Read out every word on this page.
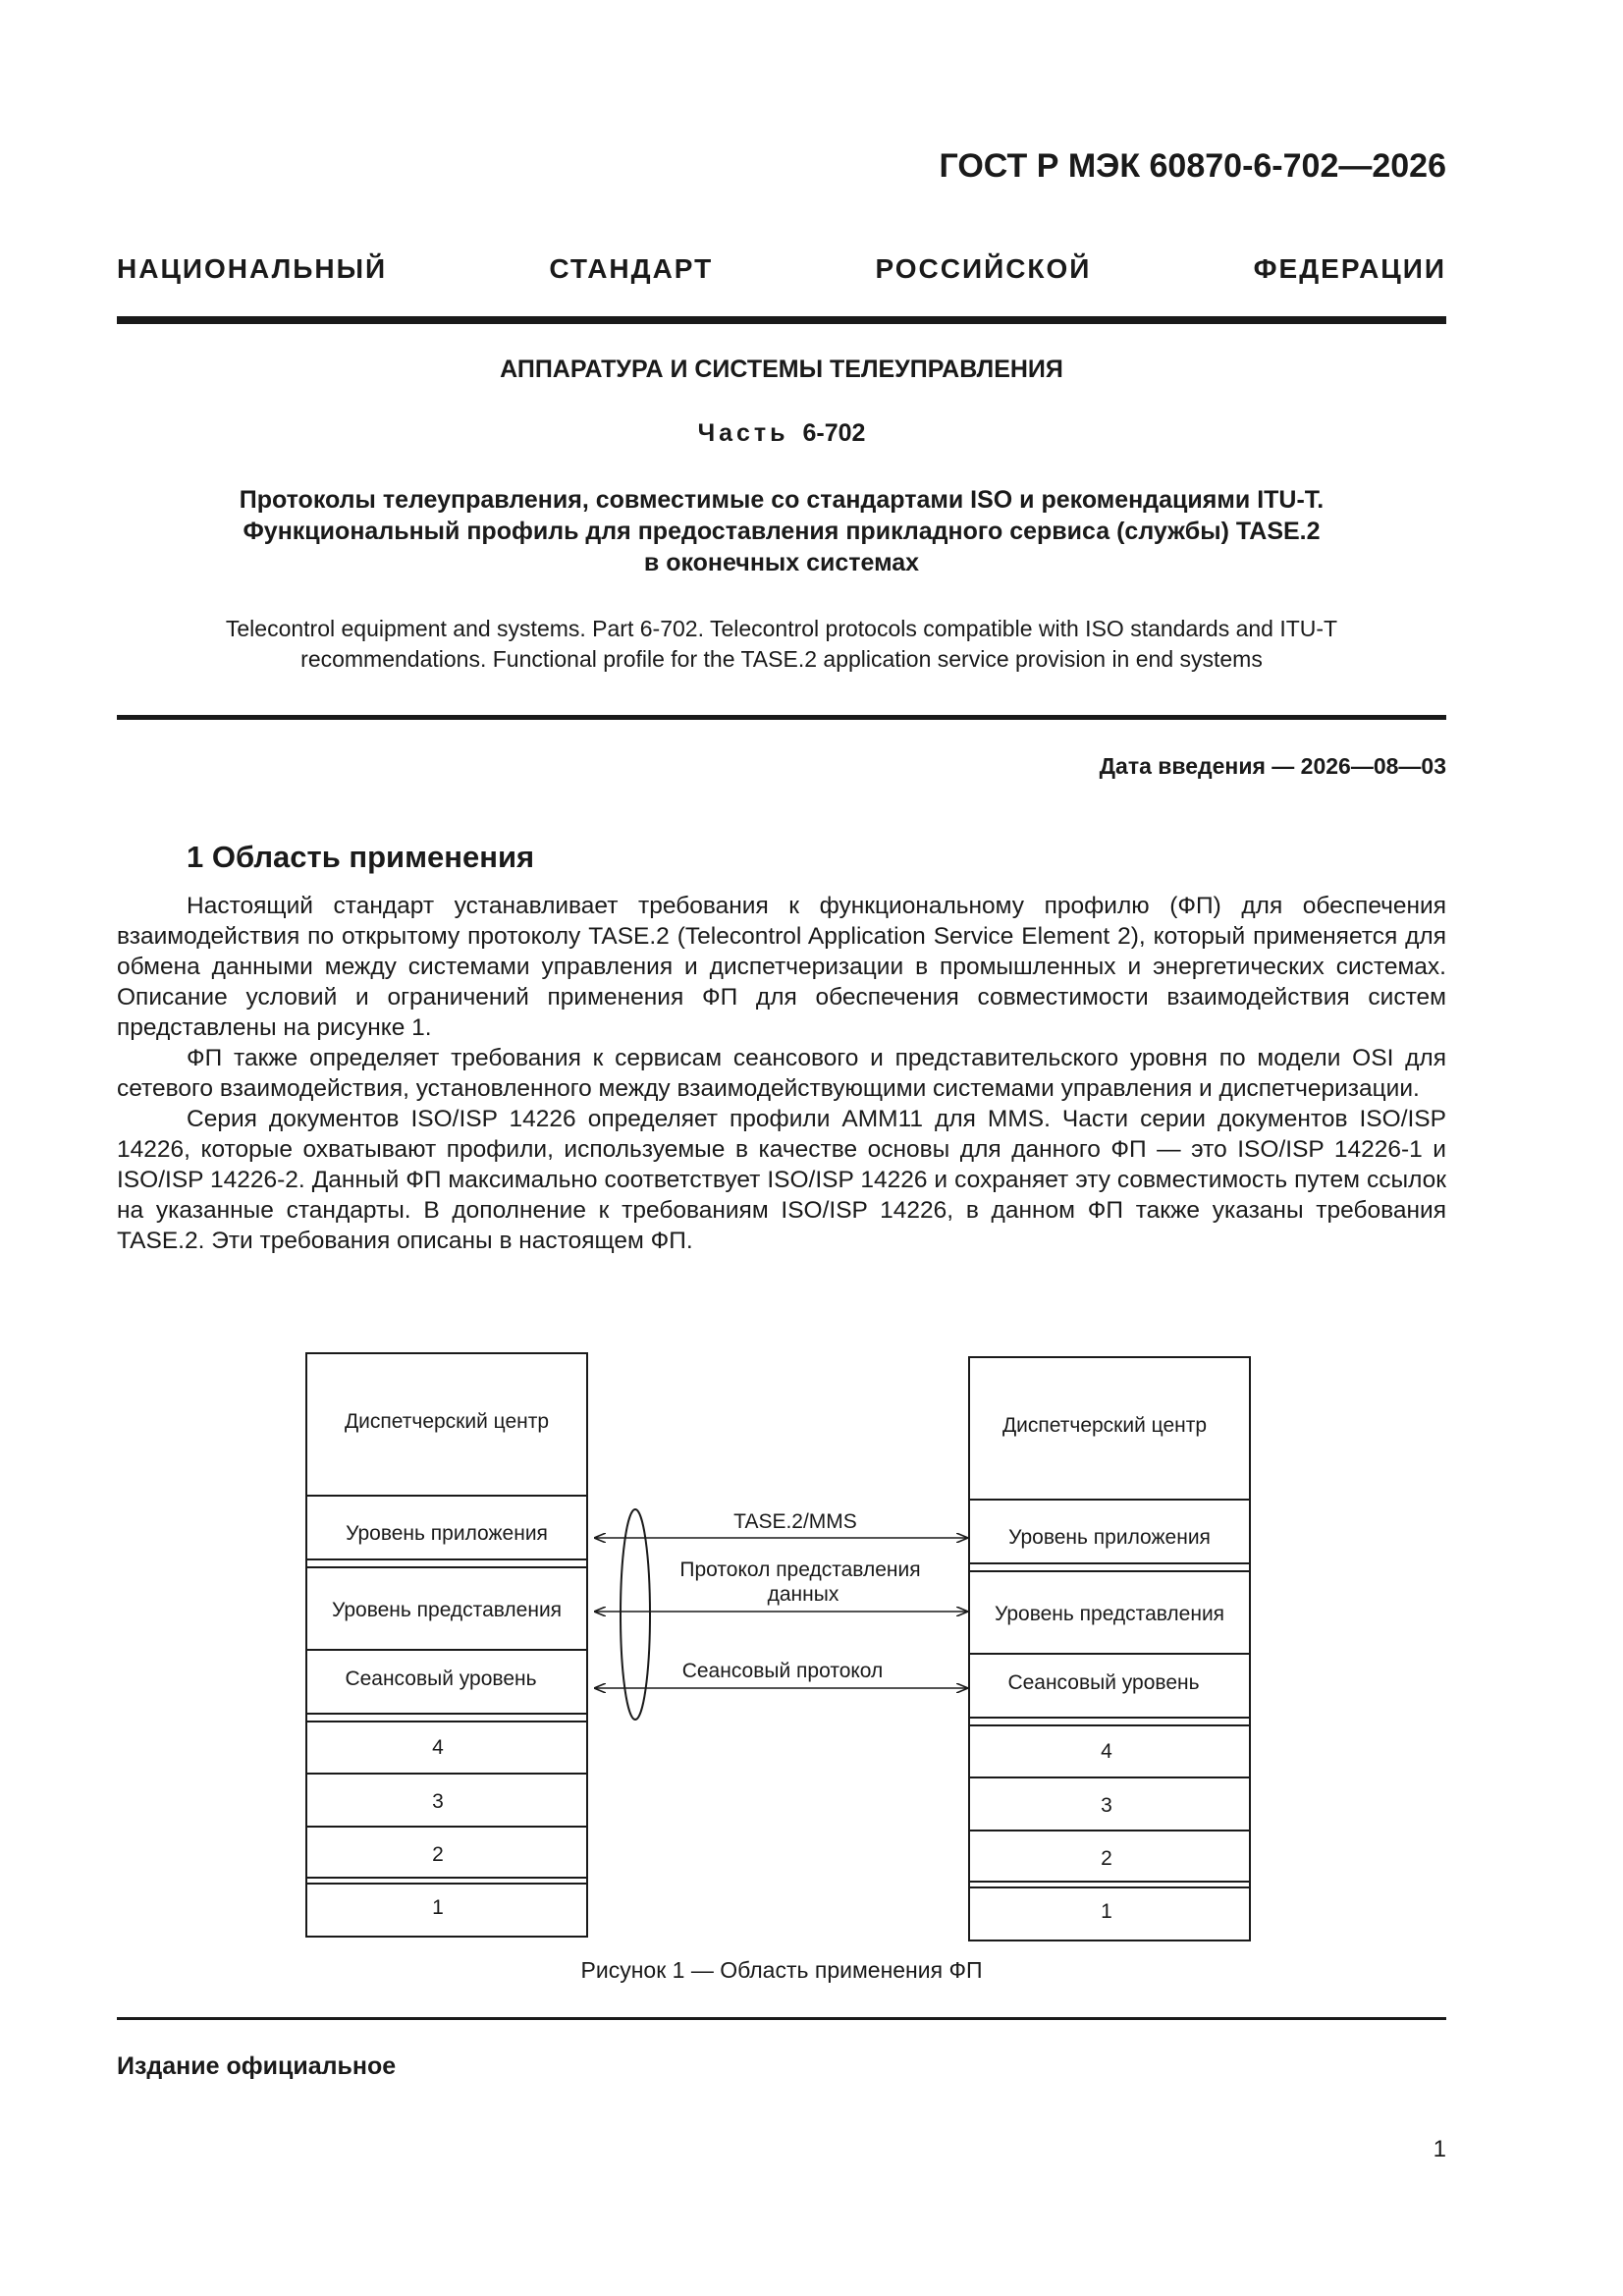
ГОСТ Р МЭК 60870-6-702—2026
НАЦИОНАЛЬНЫЙ СТАНДАРТ РОССИЙСКОЙ ФЕДЕРАЦИИ
АППАРАТУРА И СИСТЕМЫ ТЕЛЕУПРАВЛЕНИЯ
Часть 6-702
Протоколы телеуправления, совместимые со стандартами ISO и рекомендациями ITU-T.
Функциональный профиль для предоставления прикладного сервиса (службы) TASE.2
в оконечных системах
Telecontrol equipment and systems. Part 6-702. Telecontrol protocols compatible with ISO standards and ITU-T
recommendations. Functional profile for the TASE.2 application service provision in end systems
Дата введения — 2026—08—03
1 Область применения

Настоящий стандарт устанавливает требования к функциональному профилю (ФП) для обеспечения взаимодействия по открытому протоколу TASE.2 (Telecontrol Application Service Element 2), который применяется для обмена данными между системами управления и диспетчеризации в промышленных и энергетических системах. Описание условий и ограничений применения ФП для обеспечения совместимости взаимодействия систем представлены на рисунке 1.

ФП также определяет требования к сервисам сеансового и представительского уровня по модели OSI для сетевого взаимодействия, установленного между взаимодействующими системами управления и диспетчеризации.

Серия документов ISO/ISP 14226 определяет профили AMM11 для MMS. Части серии документов ISO/ISP 14226, которые охватывают профили, используемые в качестве основы для данного ФП — это ISO/ISP 14226-1 и ISO/ISP 14226-2. Данный ФП максимально соответствует ISO/ISP 14226 и сохраняет эту совместимость путем ссылок на указанные стандарты. В дополнение к требованиям ISO/ISP 14226, в данном ФП также указаны требования TASE.2. Эти требования описаны в настоящем ФП.

Диспетчерский центр
Уровень приложения
Уровень представления
Сеансовый уровень
4
3
2
1
Диспетчерский центр
Уровень приложения
Уровень представления
Сеансовый уровень
4
3
2
1
TASE.2/MMS
Протокол представления
данных
Сеансовый протокол
Рисунок 1 — Область применения ФП
Издание официальное
1
